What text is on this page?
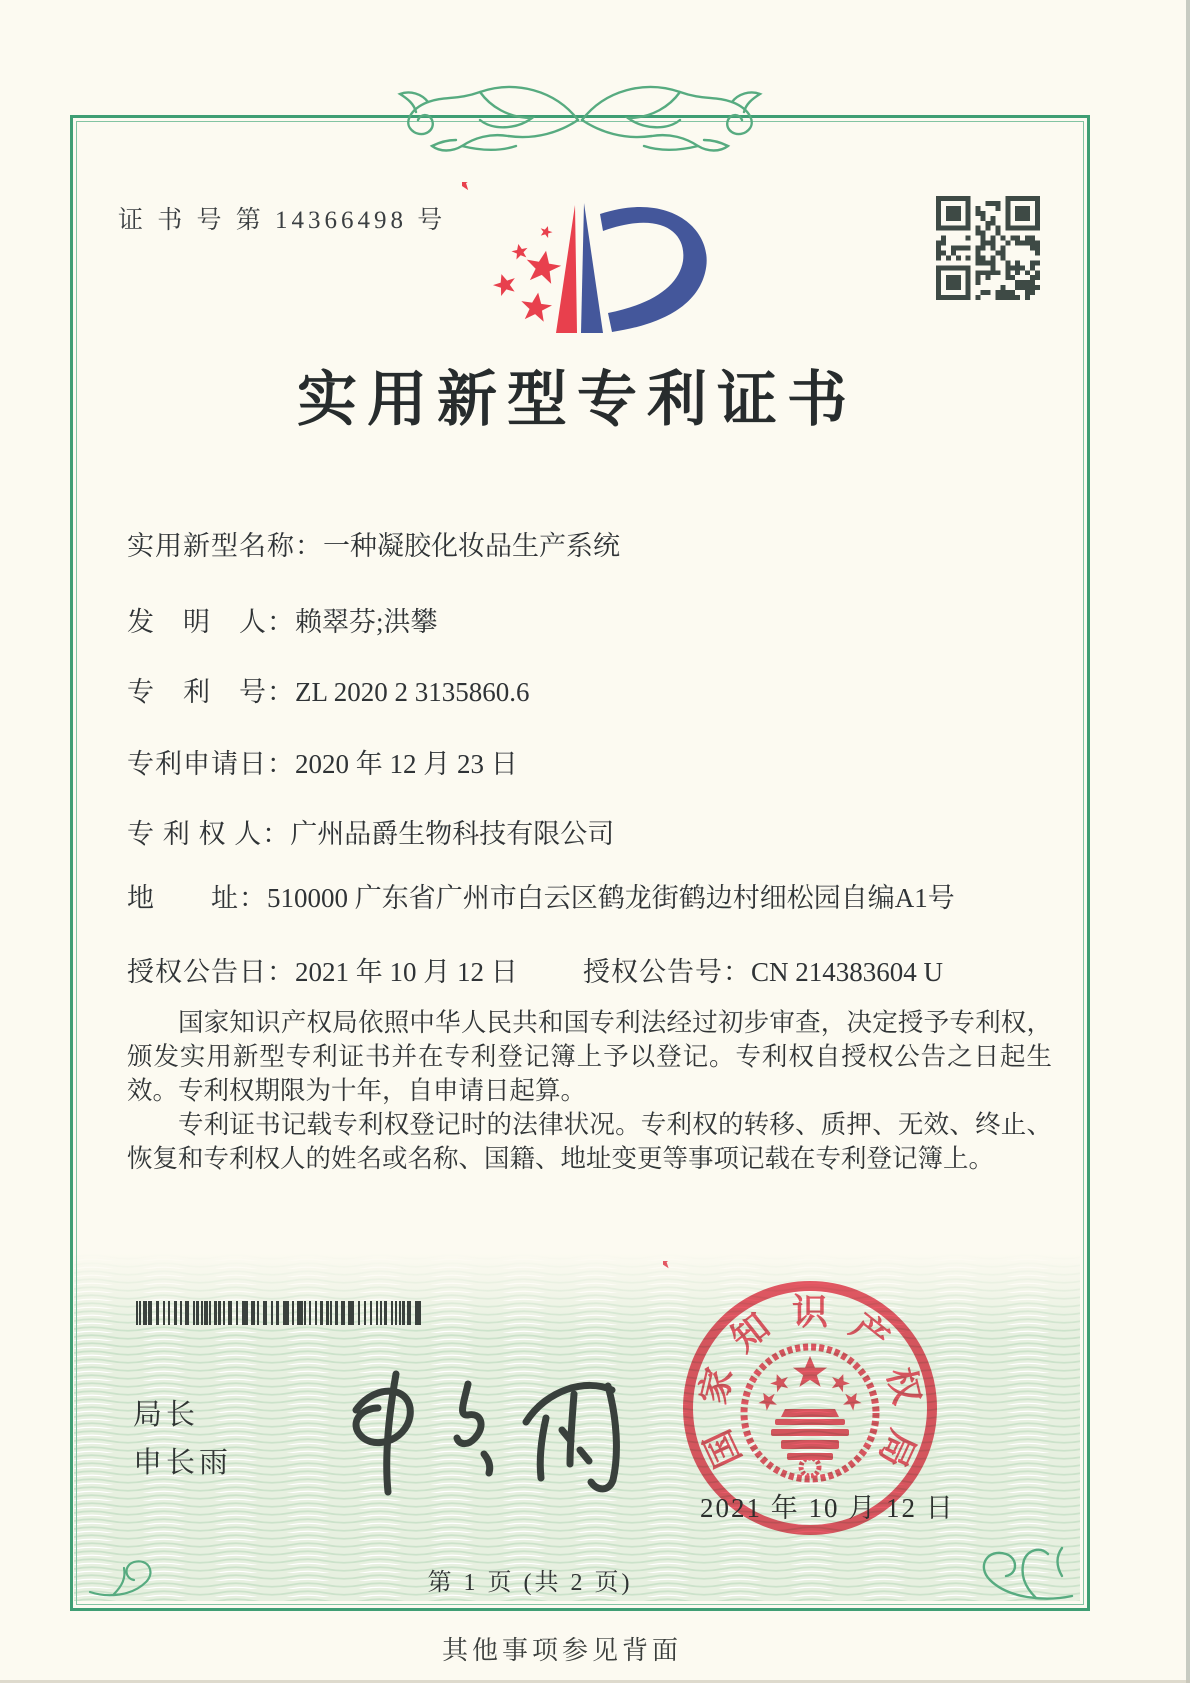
证 书 号 第 14366498 号
实用新型专利证书
实用新型名称：一种凝胶化妆品生产系统
发　明　人：赖翠芬;洪攀
专　利　号：ZL 2020 2 3135860.6
专利申请日：2020 年 12 月 23 日
专 利 权 人：广州品爵生物科技有限公司
地　　址：510000 广东省广州市白云区鹤龙街鹤边村细松园自编A1号
授权公告日：2021 年 10 月 12 日 授权公告号：CN 214383604 U

国家知识产权局依照中华人民共和国专利法经过初步审查，决定授予专利权，颁发实用新型专利证书并在专利登记簿上予以登记。专利权自授权公告之日起生效。专利权期限为十年，自申请日起算。

专利证书记载专利权登记时的法律状况。专利权的转移、质押、无效、终止、恢复和专利权人的姓名或名称、国籍、地址变更等事项记载在专利登记簿上。

局长
申长雨	国
家
知 识 产
权
局
2021 年 10 月 12 日
第 1 页 (共 2 页)
其他事项参见背面
